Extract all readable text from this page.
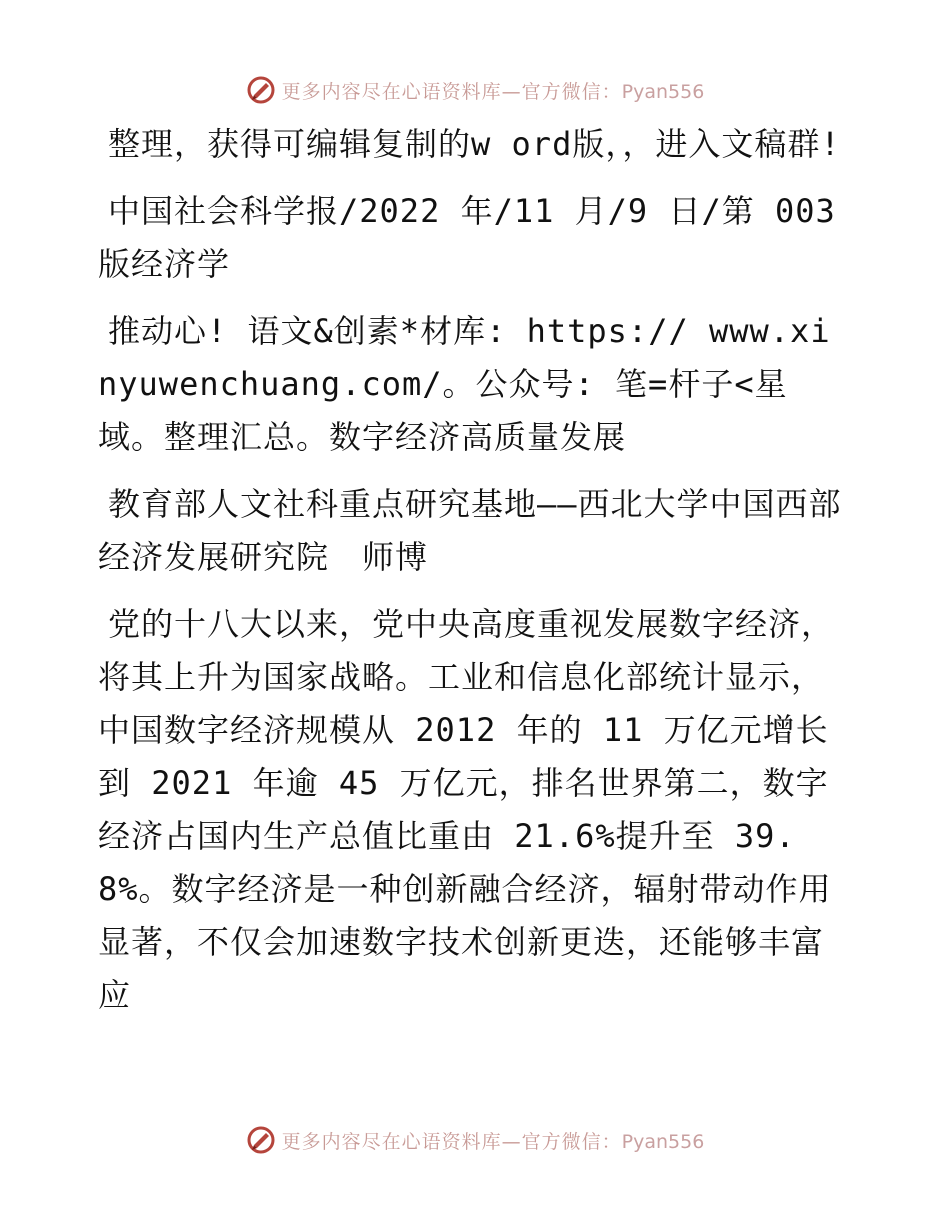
更多内容尽在心语资料库—官方微信：Pyan556

整理，获得可编辑复制的w ord版，，进入文稿群!

中国社会科学报/2022 年/11 月/9 日/第 003 版经济学

推动心! 语文&创素*材库: https:// www.xinyuwenchuang.com/。公众号: 笔=杆子<星域。整理汇总。数字经济高质量发展

教育部人文社科重点研究基地——西北大学中国西部经济发展研究院　师博

党的十八大以来，党中央高度重视发展数字经济，将其上升为国家战略。工业和信息化部统计显示，中国数字经济规模从 2012 年的 11 万亿元增长到 2021 年逾 45 万亿元，排名世界第二，数字经济占国内生产总值比重由 21.6%提升至 39.8%。数字经济是一种创新融合经济，辐射带动作用显著，不仅会加速数字技术创新更迭，还能够丰富应

更多内容尽在心语资料库—官方微信：Pyan556
